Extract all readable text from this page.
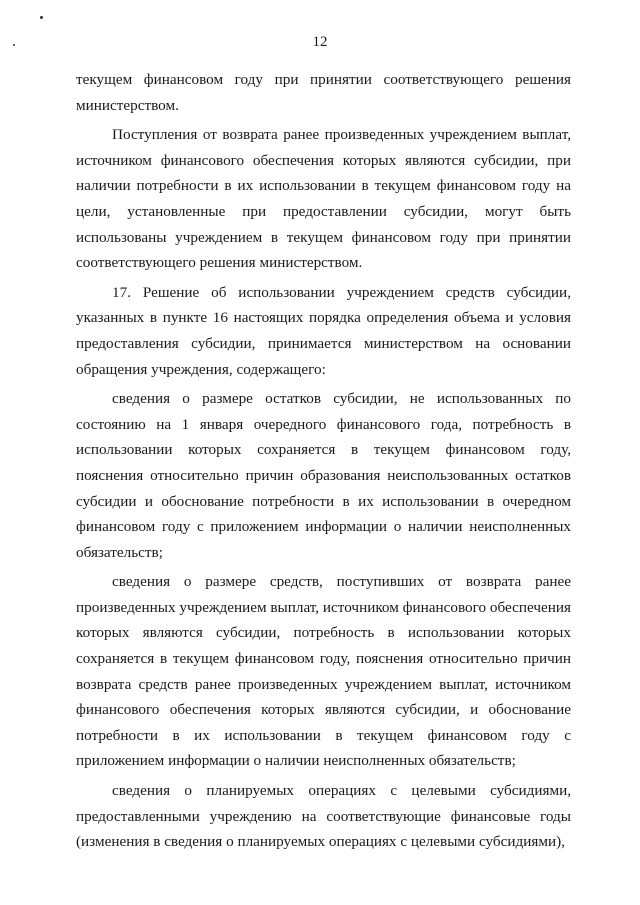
12

текущем финансовом году при принятии соответствующего решения министерством.

Поступления от возврата ранее произведенных учреждением выплат, источником финансового обеспечения которых являются субсидии, при наличии потребности в их использовании в текущем финансовом году на цели, установленные при предоставлении субсидии, могут быть использованы учреждением в текущем финансовом году при принятии соответствующего решения министерством.

17. Решение об использовании учреждением средств субсидии, указанных в пункте 16 настоящих порядка определения объема и условия предоставления субсидии, принимается министерством на основании обращения учреждения, содержащего:

сведения о размере остатков субсидии, не использованных по состоянию на 1 января очередного финансового года, потребность в использовании которых сохраняется в текущем финансовом году, пояснения относительно причин образования неиспользованных остатков субсидии и обоснование потребности в их использовании в очередном финансовом году с приложением информации о наличии неисполненных обязательств;

сведения о размере средств, поступивших от возврата ранее произведенных учреждением выплат, источником финансового обеспечения которых являются субсидии, потребность в использовании которых сохраняется в текущем финансовом году, пояснения относительно причин возврата средств ранее произведенных учреждением выплат, источником финансового обеспечения которых являются субсидии, и обоснование потребности в их использовании в текущем финансовом году с приложением информации о наличии неисполненных обязательств;

сведения о планируемых операциях с целевыми субсидиями, предоставленными учреждению на соответствующие финансовые годы (изменения в сведения о планируемых операциях с целевыми субсидиями),
